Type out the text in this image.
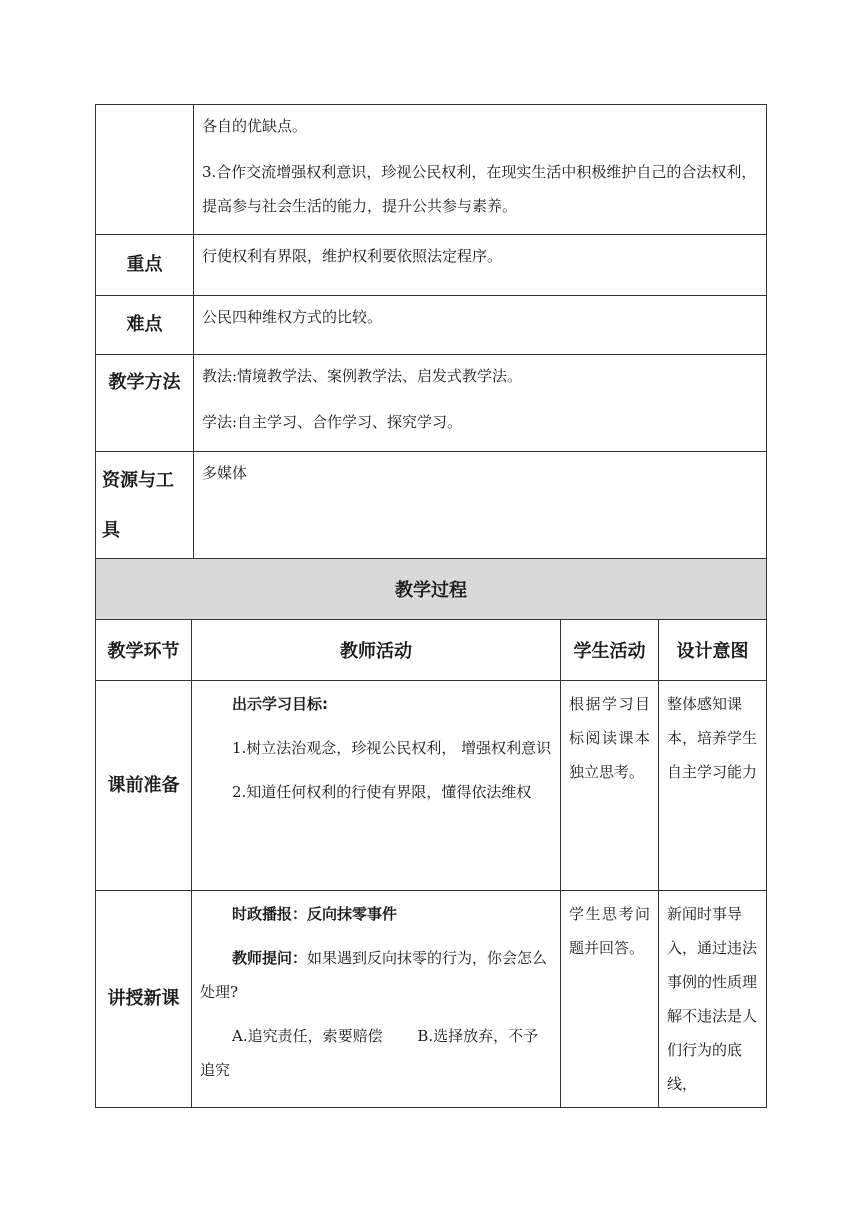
	各自的优缺点。

3.合作交流增强权利意识，珍视公民权利，在现实生活中积极维护自己的合法权利，提高参与社会生活的能力，提升公共参与素养。

重点	行使权利有界限，维护权利要依照法定程序。
难点	公民四种维权方式的比较。
教学方法	教法:情境教学法、案例教学法、启发式教学法。

学法:自主学习、合作学习、探究学习。

资源与工具	多媒体
教学过程			
教学环节	教师活动	学生活动	设计意图
课前准备	出示学习目标:

1.树立法治观念，珍视公民权利， 增强权利意识

2.知道任何权利的行使有界限，懂得依法维权	根据学习目标阅读课本独立思考。	整体感知课本，培养学生自主学习能力
讲授新课	时政播报：反向抹零事件

教师提问：如果遇到反向抹零的行为，你会怎么处理?

A.追究责任，索要赔偿　　 B.选择放弃，不予追究	学生思考问题并回答。	新闻时事导入，通过违法事例的性质理解不违法是人们行为的底线，
